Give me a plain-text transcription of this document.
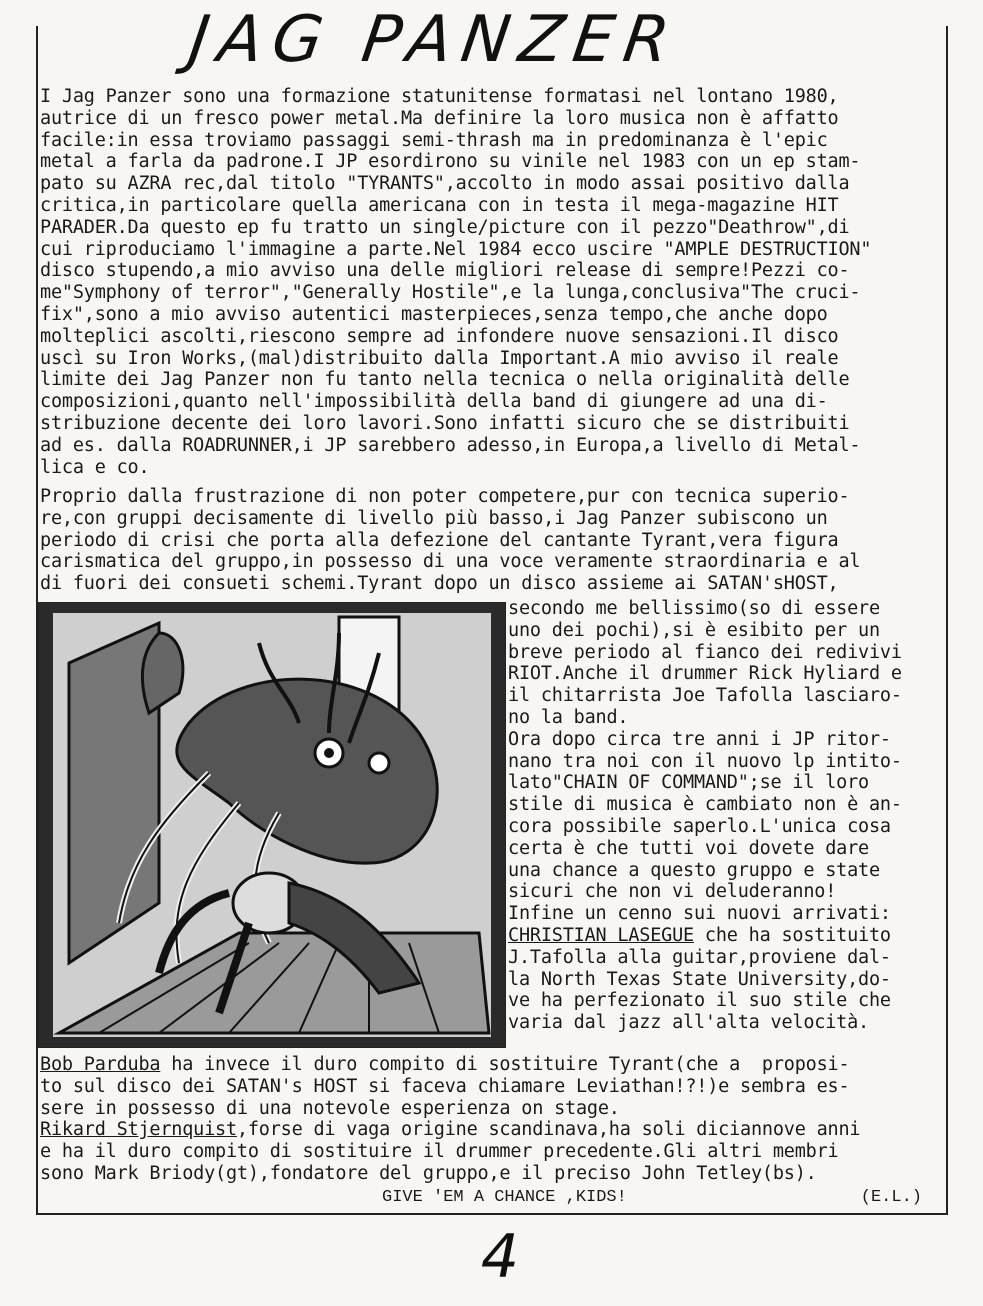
JAG PANZER
I Jag Panzer sono una formazione statunitense formatasi nel lontano 1980,
autrice di un fresco power metal.Ma definire la loro musica non è affatto
facile:in essa troviamo passaggi semi-thrash ma in predominanza è l'epic
metal a farla da padrone.I JP esordirono su vinile nel 1983 con un ep stam-
pato su AZRA rec,dal titolo "TYRANTS",accolto in modo assai positivo dalla
critica,in particolare quella americana con in testa il mega-magazine HIT
PARADER.Da questo ep fu tratto un single/picture con il pezzo"Deathrow",di
cui riproduciamo l'immagine a parte.Nel 1984 ecco uscire "AMPLE DESTRUCTION"
disco stupendo,a mio avviso una delle migliori release di sempre!Pezzi co-
me"Symphony of terror","Generally Hostile",e la lunga,conclusiva"The cruci-
fix",sono a mio avviso autentici masterpieces,senza tempo,che anche dopo
molteplici ascolti,riescono sempre ad infondere nuove sensazioni.Il disco
uscì su Iron Works,(mal)distribuito dalla Important.A mio avviso il reale
limite dei Jag Panzer non fu tanto nella tecnica o nella originalità delle
composizioni,quanto nell'impossibilità della band di giungere ad una di-
stribuzione decente dei loro lavori.Sono infatti sicuro che se distribuiti
ad es. dalla ROADRUNNER,i JP sarebbero adesso,in Europa,a livello di Metal-
lica e co.
Proprio dalla frustrazione di non poter competere,pur con tecnica superio-
re,con gruppi decisamente di livello più basso,i Jag Panzer subiscono un
periodo di crisi che porta alla defezione del cantante Tyrant,vera figura
carismatica del gruppo,in possesso di una voce veramente straordinaria e al
di fuori dei consueti schemi.Tyrant dopo un disco assieme ai SATAN'sHOST,
secondo me bellissimo(so di essere
uno dei pochi),si è esibito per un
breve periodo al fianco dei redivivi
RIOT.Anche il drummer Rick Hyliard e
il chitarrista Joe Tafolla lasciaro-
no la band.
Ora dopo circa tre anni i JP ritor-
nano tra noi con il nuovo lp intito-
lato"CHAIN OF COMMAND";se il loro
stile di musica è cambiato non è an-
cora possibile saperlo.L'unica cosa
certa è che tutti voi dovete dare
una chance a questo gruppo e state
sicuri che non vi deluderanno!
Infine un cenno sui nuovi arrivati:
CHRISTIAN LASEGUE che ha sostituito
J.Tafolla alla guitar,proviene dal-
la North Texas State University,do-
ve ha perfezionato il suo stile che
varia dal jazz all'alta velocità.
Bob Parduba ha invece il duro compito di sostituire Tyrant(che a  proposi-
to sul disco dei SATAN's HOST si faceva chiamare Leviathan!?!)e sembra es-
sere in possesso di una notevole esperienza on stage.
Rikard Stjernquist,forse di vaga origine scandinava,ha soli diciannove anni
e ha il duro compito di sostituire il drummer precedente.Gli altri membri
sono Mark Briody(gt),fondatore del gruppo,e il preciso John Tetley(bs).
GIVE 'EM A CHANCE ,KIDS!	(E.L.)
4
